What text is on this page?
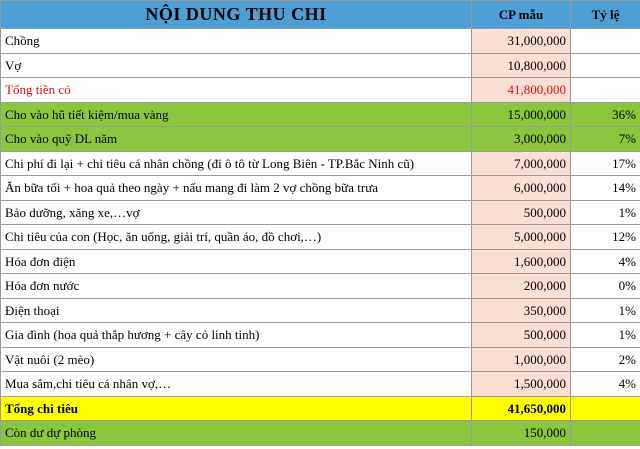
NỘI DUNG THU CHI	CP mẫu	Tỷ lệ
Chồng	31,000,000	
Vợ	10,800,000	
Tổng tiền có	41,800,000	
Cho vào hũ tiết kiệm/mua vàng	15,000,000	36%
Cho vào quỹ DL năm	3,000,000	7%
Chi phí đi lại + chi tiêu cá nhân chồng (đi ô tô từ Long Biên - TP.Bắc Ninh cũ)	7,000,000	17%
Ăn bữa tối + hoa quả theo ngày + nấu mang đi làm 2 vợ chồng bữa trưa	6,000,000	14%
Bảo dưỡng, xăng xe,…vợ	500,000	1%
Chi tiêu của con (Học, ăn uống, giải trí, quần áo, đồ chơi,…)	5,000,000	12%
Hóa đơn điện	1,600,000	4%
Hóa đơn nước	200,000	0%
Điện thoại	350,000	1%
Gia đình (hoa quả thắp hương + cây cỏ linh tinh)	500,000	1%
Vật nuôi (2 mèo)	1,000,000	2%
Mua sắm,chi tiêu cá nhân vợ,…	1,500,000	4%
Tổng chi tiêu	41,650,000	
Còn dư dự phòng	150,000	
